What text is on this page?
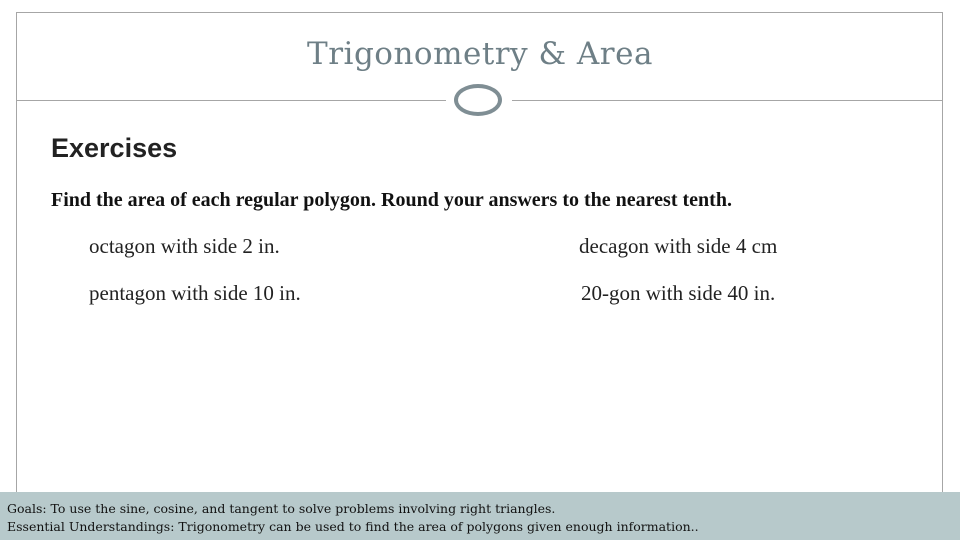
Trigonometry & Area
Exercises
Find the area of each regular polygon. Round your answers to the nearest tenth.
octagon with side 2 in.	decagon with side 4 cm
pentagon with side 10 in.	20-gon with side 40 in.
Goals: To use the sine, cosine, and tangent to solve problems involving right triangles.
Essential Understandings: Trigonometry can be used to find the area of polygons given enough information..
